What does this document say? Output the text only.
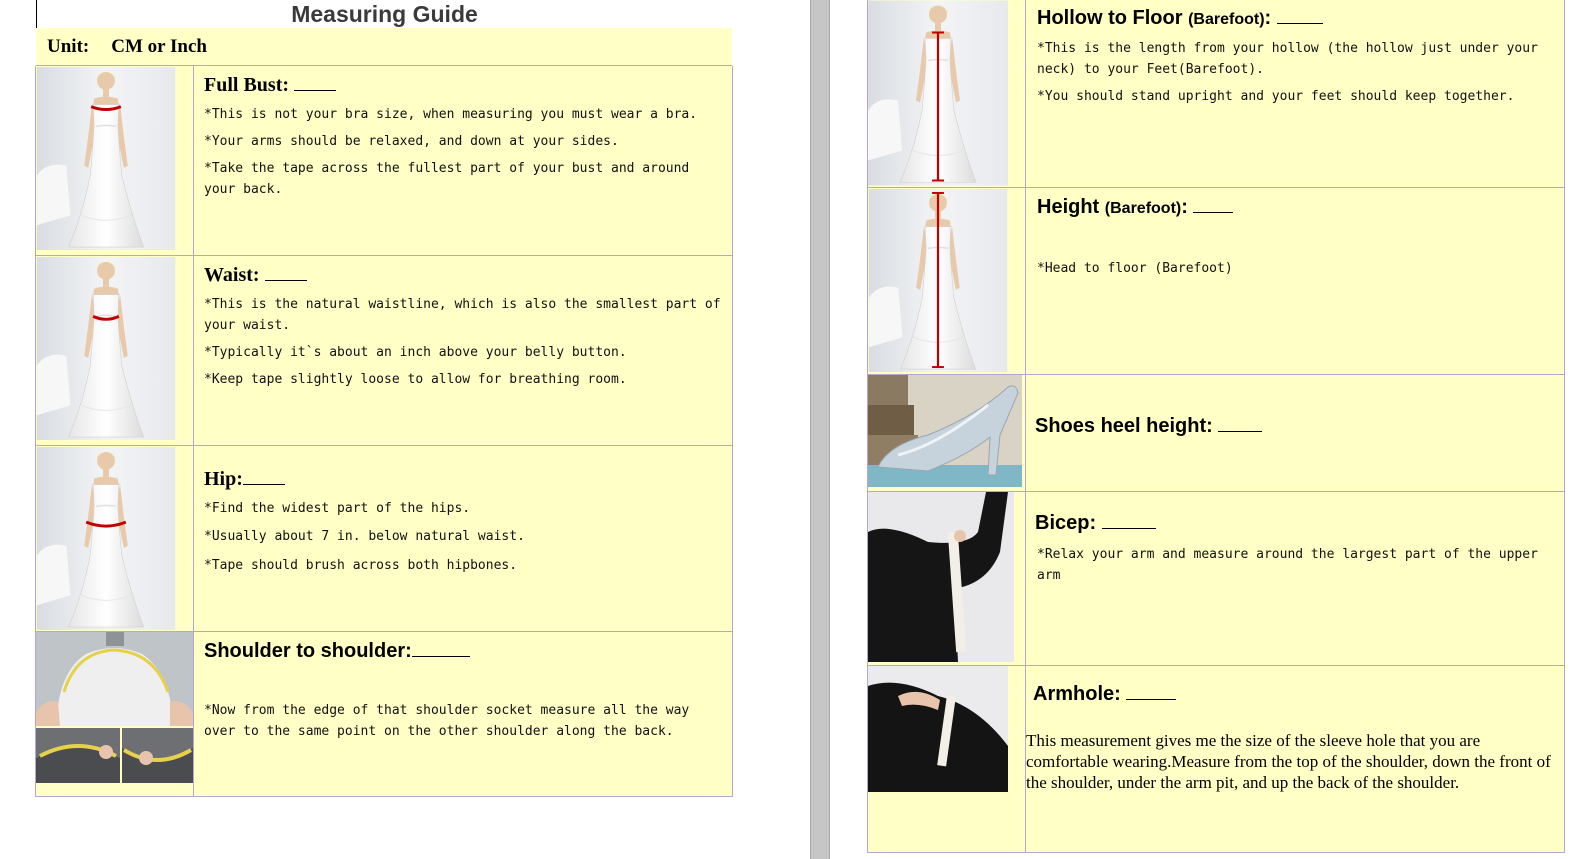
Measuring Guide
Unit: CM or Inch
Full Bust:

*This is not your bra size, when measuring you must wear a bra.

*Your arms should be relaxed, and down at your sides.

*Take the tape across the fullest part of your bust and around your back.

Waist:

*This is the natural waistline, which is also the smallest part of your waist.

*Typically it`s about an inch above your belly button.

*Keep tape slightly loose to allow for breathing room.

Hip:

*Find the widest part of the hips.

*Usually about 7 in. below natural waist.

*Tape should brush across both hipbones.

Shoulder to shoulder:

*Now from the edge of that shoulder socket measure all the way over to the same point on the other shoulder along the back.

Hollow to Floor (Barefoot):

*This is the length from your hollow (the hollow just under your neck) to your Feet(Barefoot).

*You should stand upright and your feet should keep together.

Height (Barefoot):

*Head to floor (Barefoot)

Shoes heel height:
Bicep:

*Relax your arm and measure around the largest part of the upper arm

Armhole:
This measurement gives me the size of the sleeve hole that you are comfortable wearing.Measure from the top of the shoulder, down the front of the shoulder, under the arm pit, and up the back of the shoulder.
